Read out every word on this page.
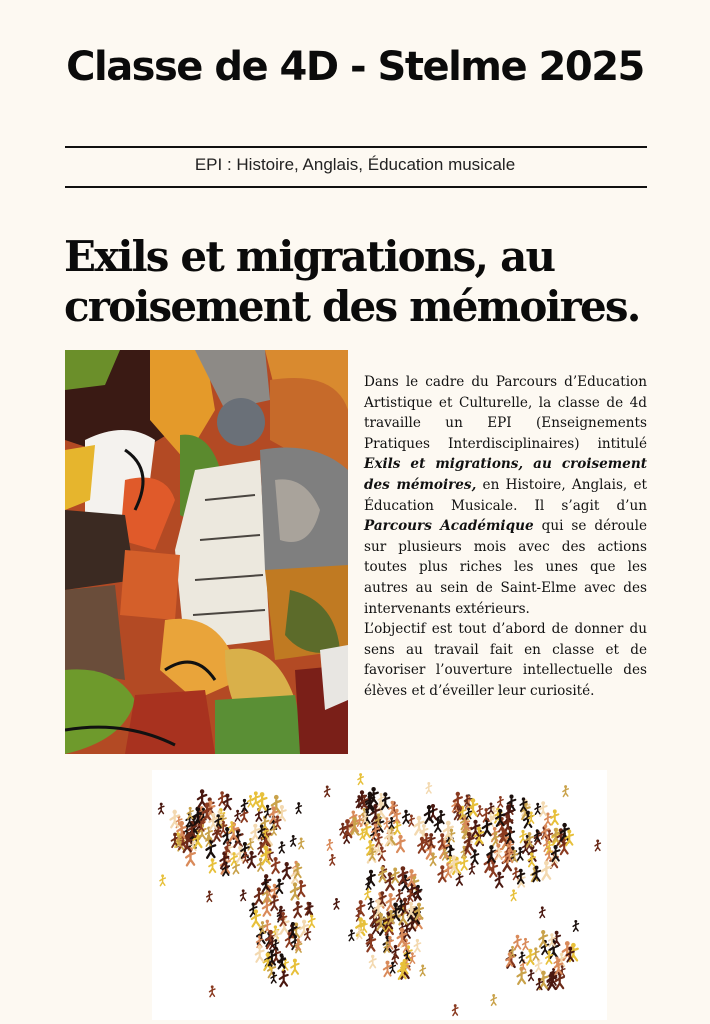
Classe de 4D - Stelme 2025
EPI : Histoire, Anglais, Éducation musicale
Exils et migrations, au
croisement des mémoires.

Dans le cadre du Parcours d’Education Artistique et Culturelle, la classe de 4d travaille un EPI (Enseignements Pratiques Interdisciplinaires) intitulé Exils et migrations, au croisement des mémoires, en Histoire, Anglais, et Éducation Musicale. Il s’agit d’un Parcours Académique qui se déroule sur plusieurs mois avec des actions toutes plus riches les unes que les autres au sein de Saint-Elme avec des intervenants extérieurs.

L’objectif est tout d’abord de donner du sens au travail fait en classe et de favoriser l’ouverture intellectuelle des élèves et d’éveiller leur curiosité.
